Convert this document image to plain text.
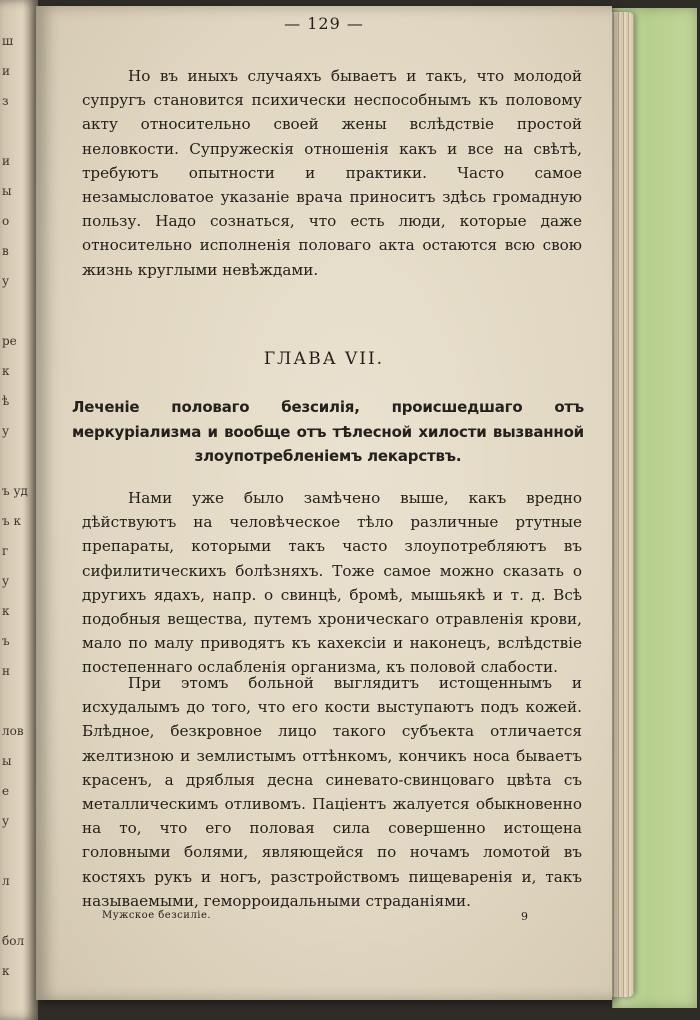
ш
и
з
и
ы
о
в
у
ре
к
ѣ
у
ъ уд
ъ к
г
у
к
ъ
н
лов
ы
е
у
л
бол
к
— 129 —

Но въ иныхъ случаяхъ бываетъ и такъ, что молодой супругъ становится психически неспособнымъ къ половому акту относительно своей жены вслѣдствіе простой неловкости. Супружескія отношенія какъ и все на свѣтѣ, требуютъ опытности и практики. Часто самое незамысловатое указаніе врача приноситъ здѣсь громадную пользу. Надо сознаться, что есть люди, которые даже относительно исполненія половаго акта остаются всю свою жизнь круглыми невѣждами.

ГЛАВА VII.

Леченіе половаго безсилія, происшедшаго отъ меркуріализма и вообще отъ тѣлесной хилости вызванной злоупотребленіемъ лекарствъ.

Нами уже было замѣчено выше, какъ вредно дѣйствуютъ на человѣческое тѣло различные ртутные препараты, которыми такъ часто злоупотребляютъ въ сифилитическихъ болѣзняхъ. Тоже самое можно сказать о другихъ ядахъ, напр. о свинцѣ, бромѣ, мышьякѣ и т. д. Всѣ подобныя вещества, путемъ хроническаго отравленія крови, мало по малу приводятъ къ кахексіи и наконецъ, вслѣдствіе постепеннаго ослабленія организма, къ половой слабости.

При этомъ больной выглядитъ истощеннымъ и исхудалымъ до того, что его кости выступаютъ подъ кожей. Блѣдное, безкровное лицо такого субъекта отличается желтизною и землистымъ оттѣнкомъ, кончикъ носа бываетъ красенъ, а дряблыя десна синевато-свинцоваго цвѣта съ металлическимъ отливомъ. Паціентъ жалуется обыкновенно на то, что его половая сила совершенно истощена головными болями, являющейся по ночамъ ломотой въ костяхъ рукъ и ногъ, разстройствомъ пищеваренія и, такъ называемыми, геморроидальными страданіями.

Мужское безсиліе.	9
